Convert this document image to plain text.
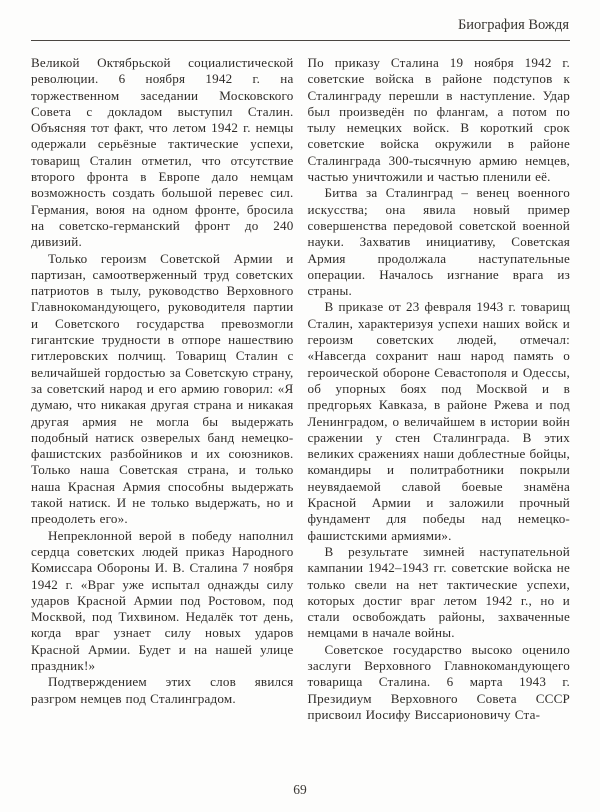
Биография Вождя

Великой Октябрьской социалистической революции. 6 ноября 1942 г. на торжественном заседании Московского Совета с докладом выступил Сталин. Объясняя тот факт, что летом 1942 г. немцы одержали серьёзные тактические успехи, товарищ Сталин отметил, что отсутствие второго фронта в Европе дало немцам возможность создать большой перевес сил. Германия, воюя на одном фронте, бросила на советско-германский фронт до 240 дивизий.

Только героизм Советской Армии и партизан, самоотверженный труд советских патриотов в тылу, руководство Верховного Главнокомандующего, руководителя партии и Советского государства превозмогли гигантские трудности в отпоре нашествию гитлеровских полчищ. Товарищ Сталин с величайшей гордостью за Советскую страну, за советский народ и его армию говорил: «Я думаю, что никакая другая страна и никакая другая армия не могла бы выдержать подобный натиск озверелых банд немецко-фашистских разбойников и их союзников. Только наша Советская страна, и только наша Красная Армия способны выдержать такой натиск. И не только выдержать, но и преодолеть его».

Непреклонной верой в победу наполнил сердца советских людей приказ Народного Комиссара Обороны И. В. Сталина 7 ноября 1942 г. «Враг уже испытал однажды силу ударов Красной Армии под Ростовом, под Москвой, под Тихвином. Недалёк тот день, когда враг узнает силу новых ударов Красной Армии. Будет и на нашей улице праздник!»

Подтверждением этих слов явился разгром немцев под Сталинградом.

По приказу Сталина 19 ноября 1942 г. советские войска в районе подступов к Сталинграду перешли в наступление. Удар был произведён по флангам, а потом по тылу немецких войск. В короткий срок советские войска окружили в районе Сталинграда 300-тысячную армию немцев, частью уничтожили и частью пленили её.

Битва за Сталинград – венец военного искусства; она явила новый пример совершенства передовой советской военной науки. Захватив инициативу, Советская Армия продолжала наступательные операции. Началось изгнание врага из страны.

В приказе от 23 февраля 1943 г. товарищ Сталин, характеризуя успехи наших войск и героизм советских людей, отмечал: «Навсегда сохранит наш народ память о героической обороне Севастополя и Одессы, об упорных боях под Москвой и в предгорьях Кавказа, в районе Ржева и под Ленинградом, о величайшем в истории войн сражении у стен Сталинграда. В этих великих сражениях наши доблестные бойцы, командиры и политработники покрыли неувядаемой славой боевые знамёна Красной Армии и заложили прочный фундамент для победы над немецко-фашистскими армиями».

В результате зимней наступательной кампании 1942–1943 гг. советские войска не только свели на нет тактические успехи, которых достиг враг летом 1942 г., но и стали освобождать районы, захваченные немцами в начале войны.

Советское государство высоко оценило заслуги Верховного Главнокомандующего товарища Сталина. 6 марта 1943 г. Президиум Верховного Совета СССР присвоил Иосифу Виссарионовичу Ста-

69
